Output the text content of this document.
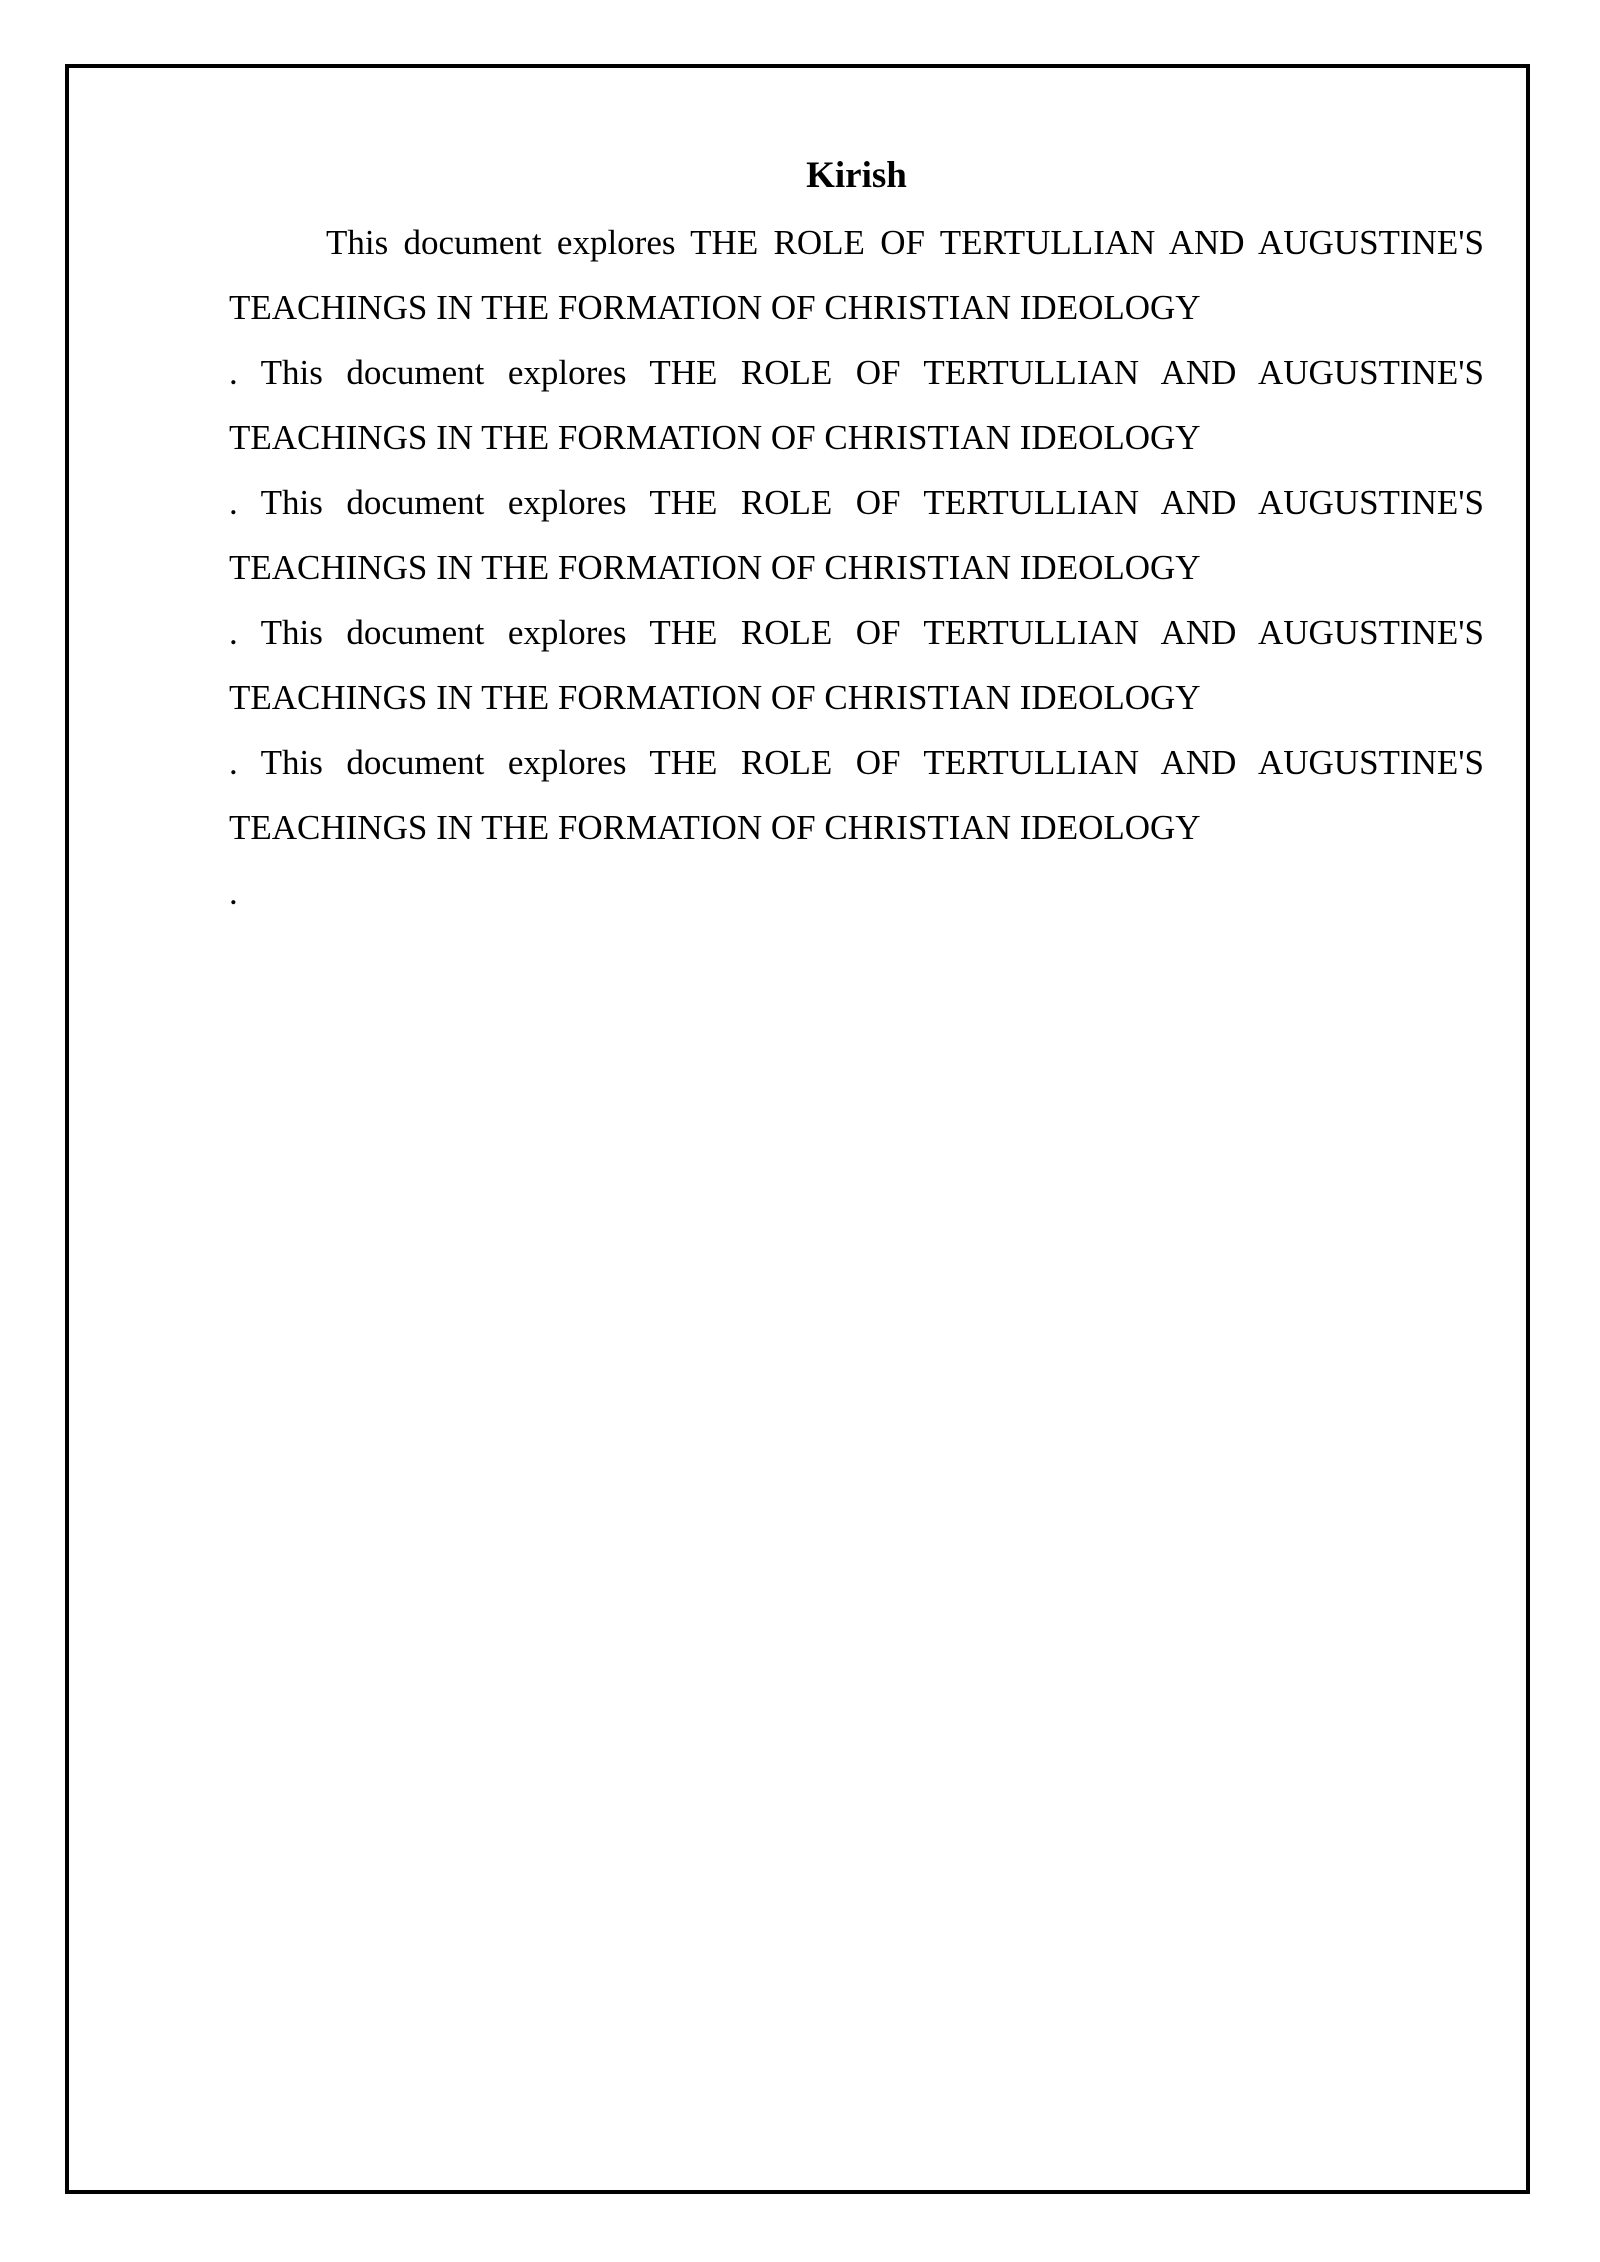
Kirish
This document explores THE ROLE OF TERTULLIAN AND AUGUSTINE'S TEACHINGS IN THE FORMATION OF CHRISTIAN IDEOLOGY
. This document explores THE ROLE OF TERTULLIAN AND AUGUSTINE'S TEACHINGS IN THE FORMATION OF CHRISTIAN IDEOLOGY
. This document explores THE ROLE OF TERTULLIAN AND AUGUSTINE'S TEACHINGS IN THE FORMATION OF CHRISTIAN IDEOLOGY
. This document explores THE ROLE OF TERTULLIAN AND AUGUSTINE'S TEACHINGS IN THE FORMATION OF CHRISTIAN IDEOLOGY
. This document explores THE ROLE OF TERTULLIAN AND AUGUSTINE'S TEACHINGS IN THE FORMATION OF CHRISTIAN IDEOLOGY
.
